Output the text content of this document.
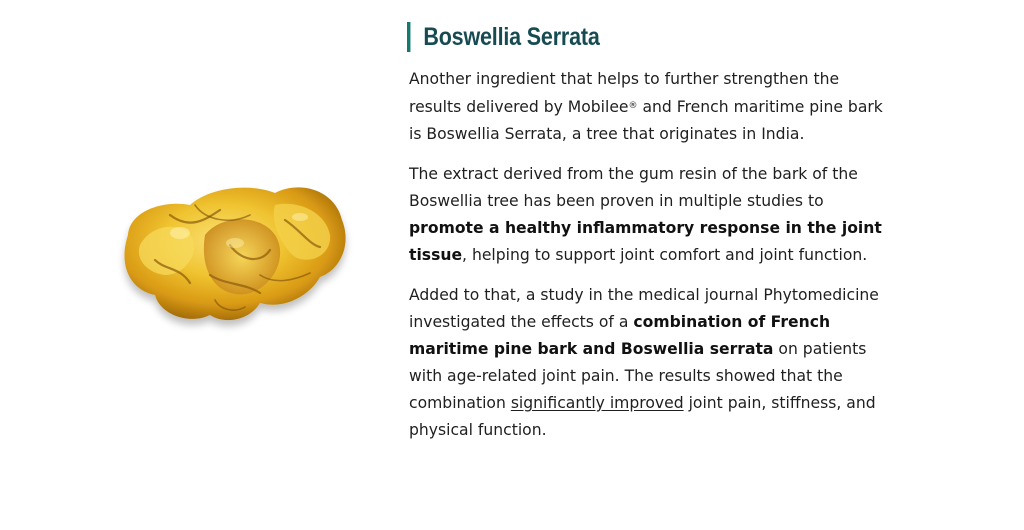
Boswellia Serrata

Another ingredient that helps to further strengthen the results delivered by Mobilee® and French maritime pine bark is Boswellia Serrata, a tree that originates in India.

The extract derived from the gum resin of the bark of the Boswellia tree has been proven in multiple studies to promote a healthy inflammatory response in the joint tissue, helping to support joint comfort and joint function.

Added to that, a study in the medical journal Phytomedicine investigated the effects of a combination of French maritime pine bark and Boswellia serrata on patients with age-related joint pain. The results showed that the combination significantly improved joint pain, stiffness, and physical function.
